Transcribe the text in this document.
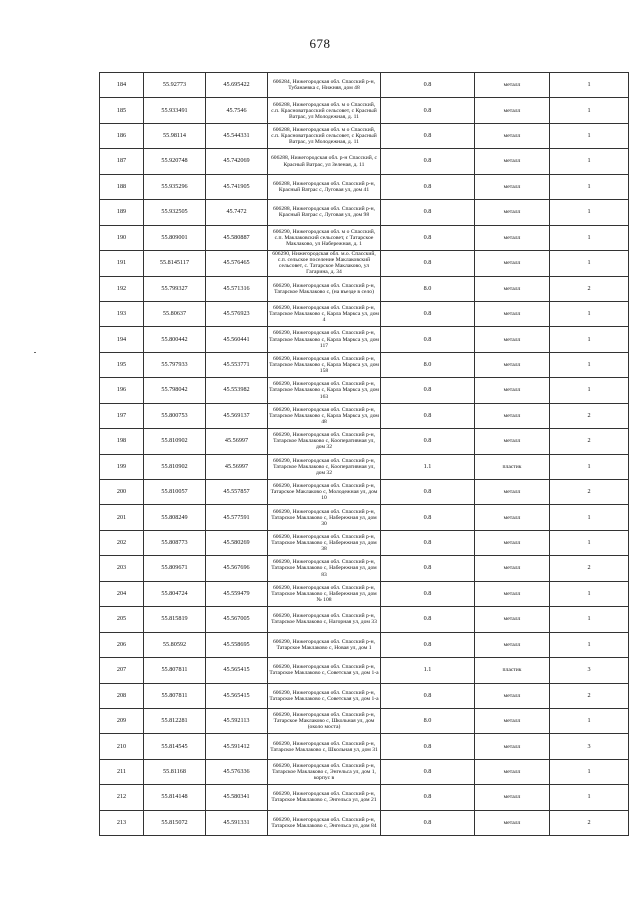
678
184	55.92773	45.695422	606284, Нижегородская обл. Спасский р-н, Тубанаевка с, Нижняя, дом 48	0.8	металл	1
185	55.933491	45.7546	606288, Нижегородская обл. м о Спасский, с.п. Красноватрасский сельсовет, с Красный Ватрас, ул Молодежная, д. 11	0.8	металл	1
186	55.98114	45.544331	606288, Нижегородская обл. м о Спасский, с.п. Красноватрасский сельсовет, с Красный Ватрас, ул Молодежная, д. 11	0.8	металл	1
187	55.920748	45.742069	606288, Нижегородская обл. р-н Спасский, с Красный Ватрас, ул Зеленая, д. 11	0.8	металл	1
188	55.935296	45.741905	606288, Нижегородская обл. Спасский р-н, Красный Ватрас с, Луговая ул, дом 41	0.8	металл	1
189	55.932505	45.7472	606288, Нижегородская обл. Спасский р-н, Красный Ватрас с, Луговая ул, дом 98	0.8	металл	1
190	55.809001	45.580887	606290, Нижегородская обл. м о Спасский, с.п. Маклаковский сельсовет, с Татарское Маклаково, ул Набережная, д. 1	0.8	металл	1
191	55.8145117	45.576465	606290, Нижегородская обл. м.о. Спасский, с.п. сельское поселение Маклаковский сельсовет, с. Татарское Маклаково, ул Гагарина, д. 34	0.8	металл	1
192	55.799327	45.571316	606290, Нижегородская обл. Спасский р-н, Татарское Маклаково с, (на въезде в село)	8.0	металл	2
193	55.80637	45.576923	606290, Нижегородская обл. Спасский р-н, Татарское Маклаково с, Карла Маркса ул, дом 4	0.8	металл	1
194	55.800442	45.560441	606290, Нижегородская обл. Спасский р-н, Татарское Маклаково с, Карла Маркса ул, дом 117	0.8	металл	1
195	55.797933	45.553771	606290, Нижегородская обл. Спасский р-н, Татарское Маклаково с, Карла Маркса ул, дом 158	8.0	металл	1
196	55.798042	45.553982	606290, Нижегородская обл. Спасский р-н, Татарское Маклаково с, Карла Маркса ул, дом 163	0.8	металл	1
197	55.800753	45.569137	606290, Нижегородская обл. Спасский р-н, Татарское Маклаково с, Карла Маркса ул, дом 48	0.8	металл	2
198	55.810902	45.56997	606290, Нижегородская обл. Спасский р-н, Татарское Маклаково с, Кооперативная ул, дом 32	0.8	металл	2
199	55.810902	45.56997	606290, Нижегородская обл. Спасский р-н, Татарское Маклаково с, Кооперативная ул, дом 32	1.1	пластик	1
200	55.810057	45.557857	606290, Нижегородская обл. Спасский р-н, Татарское Маклаково с, Молодежная ул, дом 10	0.8	металл	2
201	55.808249	45.577591	606290, Нижегородская обл. Спасский р-н, Татарское Маклаково с, Набережная ул, дом 30	0.8	металл	1
202	55.808773	45.580269	606290, Нижегородская обл. Спасский р-н, Татарское Маклаково с, Набережная ул, дом 38	0.8	металл	1
203	55.809671	45.567696	606290, Нижегородская обл. Спасский р-н, Татарское Маклаково с, Набережная ул, дом 83	0.8	металл	2
204	55.804724	45.559479	606290, Нижегородская обл. Спасский р-н, Татарское Маклаково с, Набережная ул, дом № 108	0.8	металл	1
205	55.815819	45.567005	606290, Нижегородская обл. Спасский р-н, Татарское Маклаково с, Нагорная ул, дом 33	0.8	металл	1
206	55.80592	45.558695	606290, Нижегородская обл. Спасский р-н, Татарское Маклаково с, Новая ул, дом 1	0.8	металл	1
207	55.807811	45.565415	606290, Нижегородская обл. Спасский р-н, Татарское Маклаково с, Советская ул, дом 1-а	1.1	пластик	3
208	55.807811	45.565415	606290, Нижегородская обл. Спасский р-н, Татарское Маклаково с, Советская ул, дом 1-а	0.8	металл	2
209	55.812281	45.592113	606290, Нижегородская обл. Спасский р-н, Татарское Маклаково с, Школьная ул, дом (около моста)	8.0	металл	1
210	55.814545	45.591412	606290, Нижегородская обл. Спасский р-н, Татарское Маклаково с, Школьная ул, дом 31	0.8	металл	3
211	55.81168	45.576336	606290, Нижегородская обл. Спасский р-н, Татарское Маклаково с, Энгельса ул, дом 1, корпус в	0.8	металл	1
212	55.814148	45.580341	606290, Нижегородская обл. Спасский р-н, Татарское Маклаково с, Энгельса ул, дом 21	0.8	металл	1
213	55.815072	45.591331	606290, Нижегородская обл. Спасский р-н, Татарское Маклаково с, Энгельса ул, дом 84	0.8	металл	2
